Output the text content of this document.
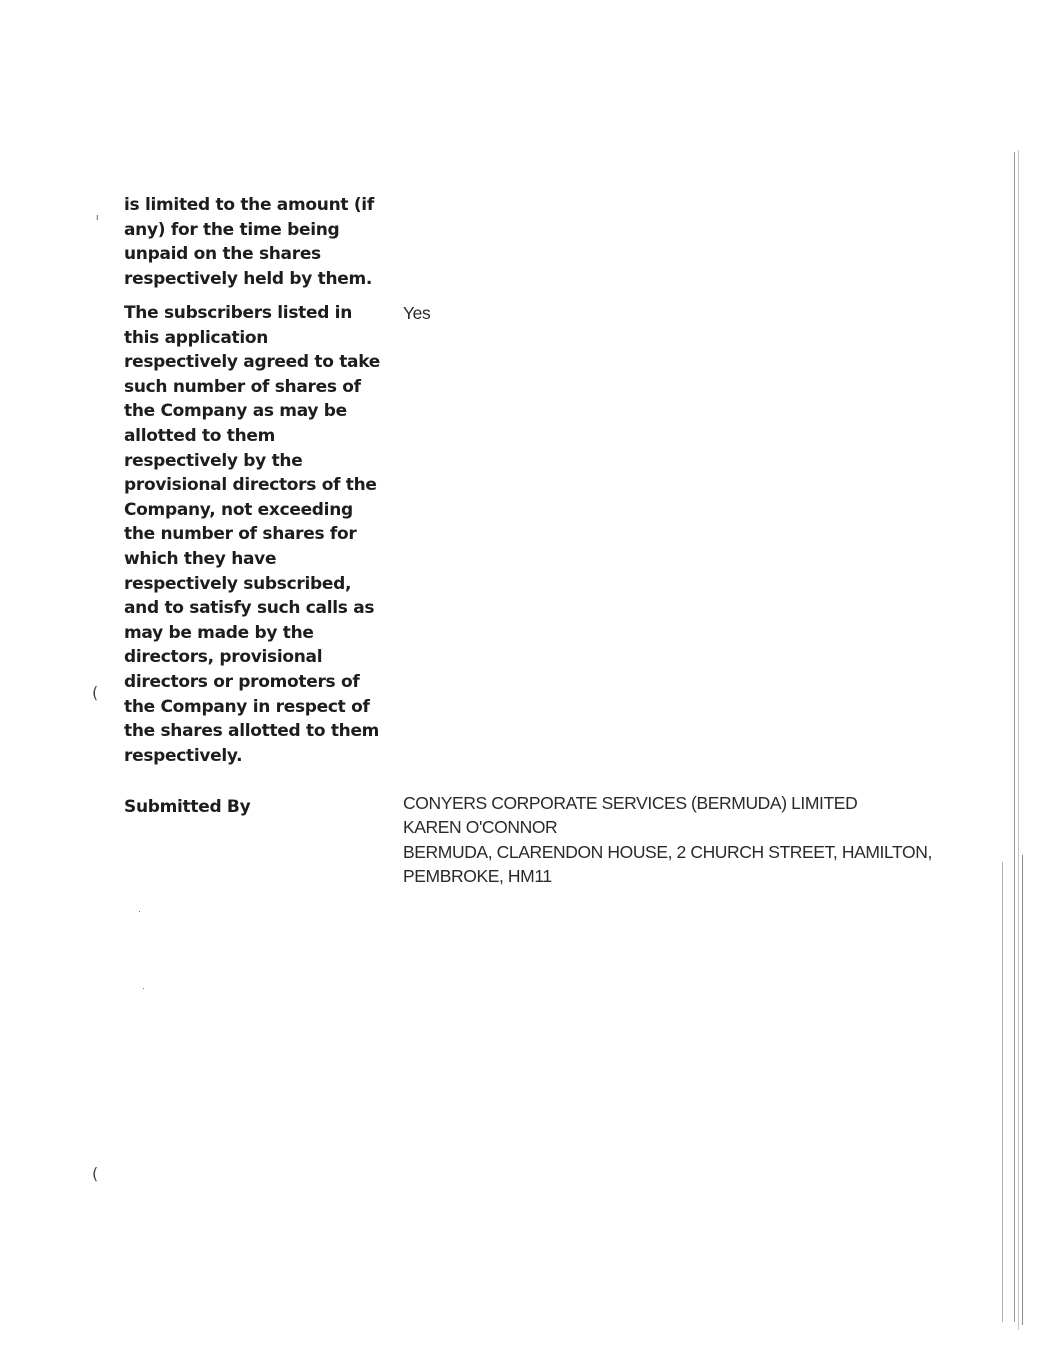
ı
(
(
is limited to the amount (if any) for the time being unpaid on the shares respectively held by them.
The subscribers listed in this application respectively agreed to take such number of shares of the Company as may be allotted to them respectively by the provisional directors of the Company, not exceeding the number of shares for which they have respectively subscribed, and to satisfy such calls as may be made by the directors, provisional directors or promoters of the Company in respect of the shares allotted to them respectively.
Yes
Submitted By	CONYERS CORPORATE SERVICES (BERMUDA) LIMITED
KAREN O'CONNOR
BERMUDA, CLARENDON HOUSE, 2 CHURCH STREET, HAMILTON,
PEMBROKE, HM11
